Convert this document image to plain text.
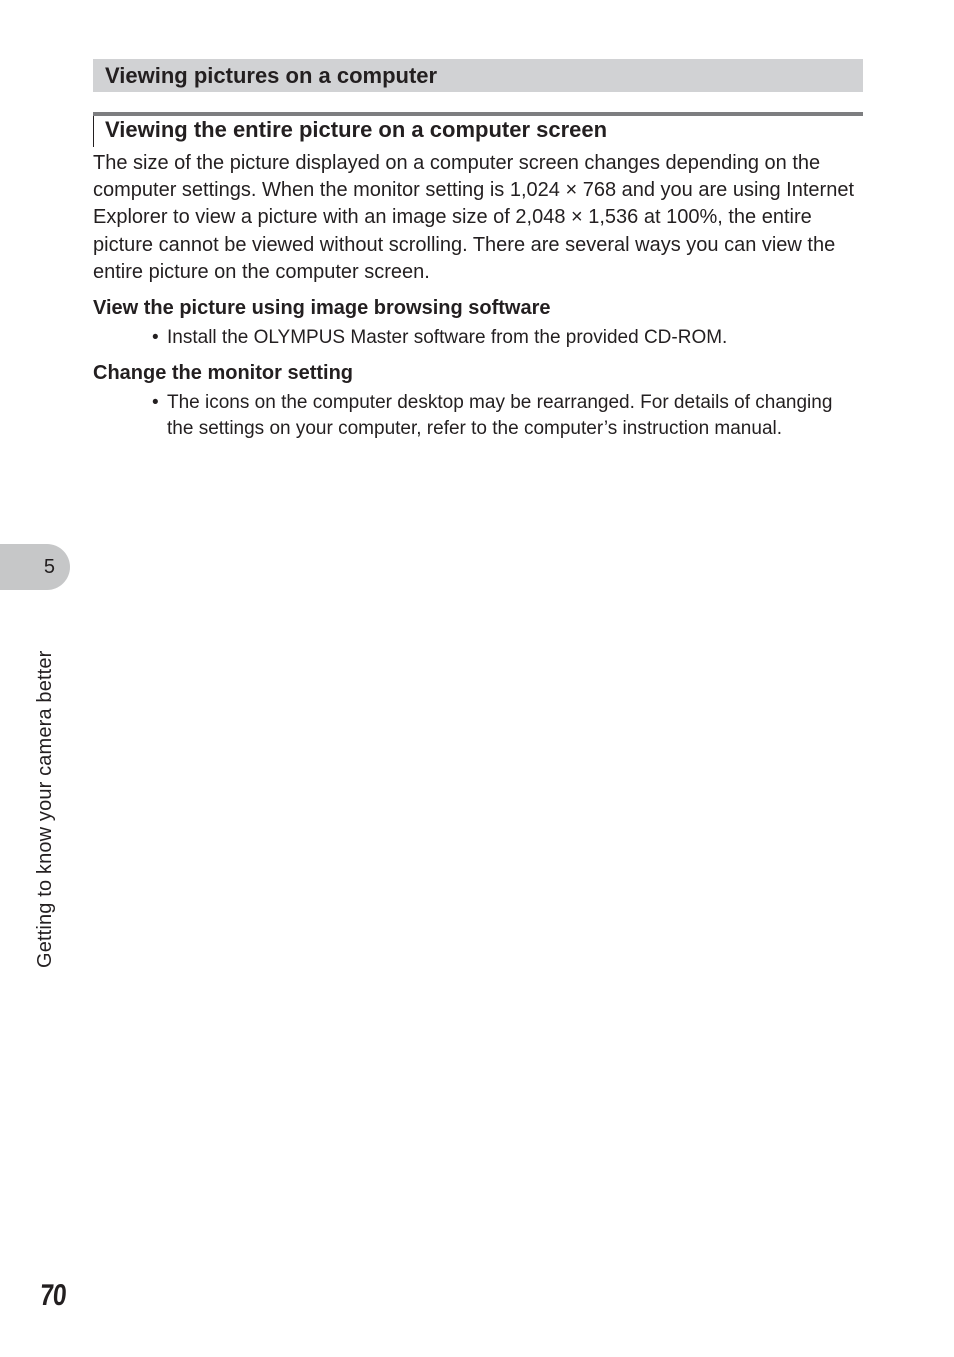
Viewing pictures on a computer
Viewing the entire picture on a computer screen

The size of the picture displayed on a computer screen changes depending on the computer settings. When the monitor setting is 1,024 × 768 and you are using Internet Explorer to view a picture with an image size of 2,048 × 1,536 at 100%, the entire picture cannot be viewed without scrolling. There are several ways you can view the entire picture on the computer screen.

View the picture using image browsing software

• Install the OLYMPUS Master software from the provided CD-ROM.

Change the monitor setting

• The icons on the computer desktop may be rearranged. For details of changing the settings on your computer, refer to the computer’s instruction manual.
5
Getting to know your camera better
70
